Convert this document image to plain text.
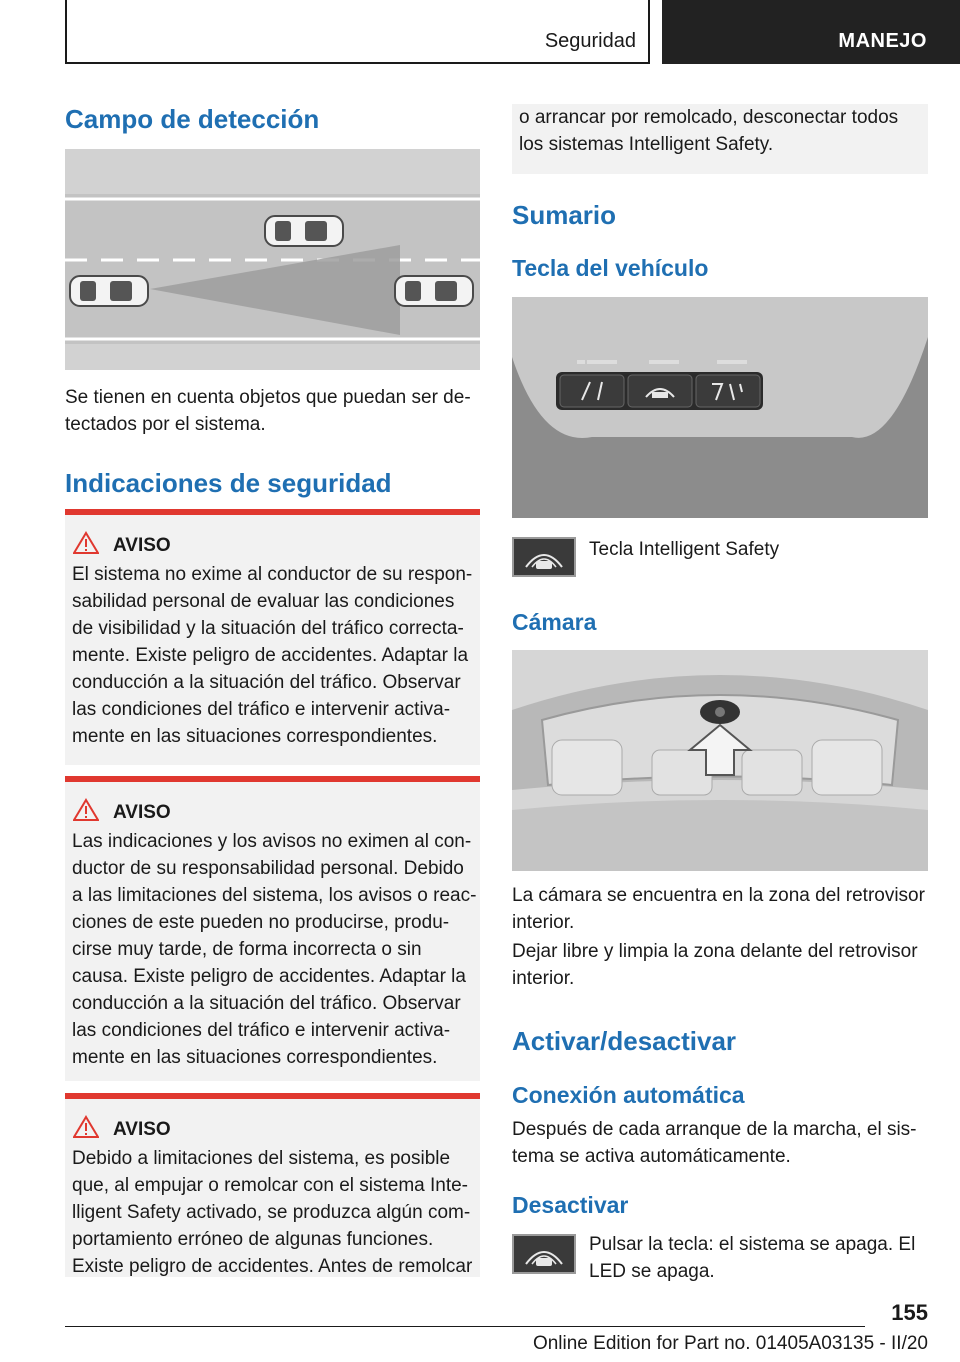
Seguridad	MANEJO
Campo de detección

Se tienen en cuenta objetos que puedan ser de-
tectados por el sistema.

Indicaciones de seguridad
AVISO

El sistema no exime al conductor de su respon-
sabilidad personal de evaluar las condiciones
de visibilidad y la situación del tráfico correcta-
mente. Existe peligro de accidentes. Adaptar la
conducción a la situación del tráfico. Observar
las condiciones del tráfico e intervenir activa-
mente en las situaciones correspondientes.

AVISO

Las indicaciones y los avisos no eximen al con-
ductor de su responsabilidad personal. Debido
a las limitaciones del sistema, los avisos o reac-
ciones de este pueden no producirse, produ-
cirse muy tarde, de forma incorrecta o sin
causa. Existe peligro de accidentes. Adaptar la
conducción a la situación del tráfico. Observar
las condiciones del tráfico e intervenir activa-
mente en las situaciones correspondientes.

AVISO

Debido a limitaciones del sistema, es posible
que, al empujar o remolcar con el sistema Inte-
lligent Safety activado, se produzca algún com-
portamiento erróneo de algunas funciones.
Existe peligro de accidentes. Antes de remolcar

o arrancar por remolcado, desconectar todos
los sistemas Intelligent Safety.

Sumario
Tecla del vehículo

Tecla Intelligent Safety

Cámara

La cámara se encuentra en la zona del retrovisor
interior.

Dejar libre y limpia la zona delante del retrovisor
interior.

Activar/desactivar
Conexión automática

Después de cada arranque de la marcha, el sis-
tema se activa automáticamente.

Desactivar

Pulsar la tecla: el sistema se apaga. El
LED se apaga.

155
Online Edition for Part no. 01405A03135 - II/20
